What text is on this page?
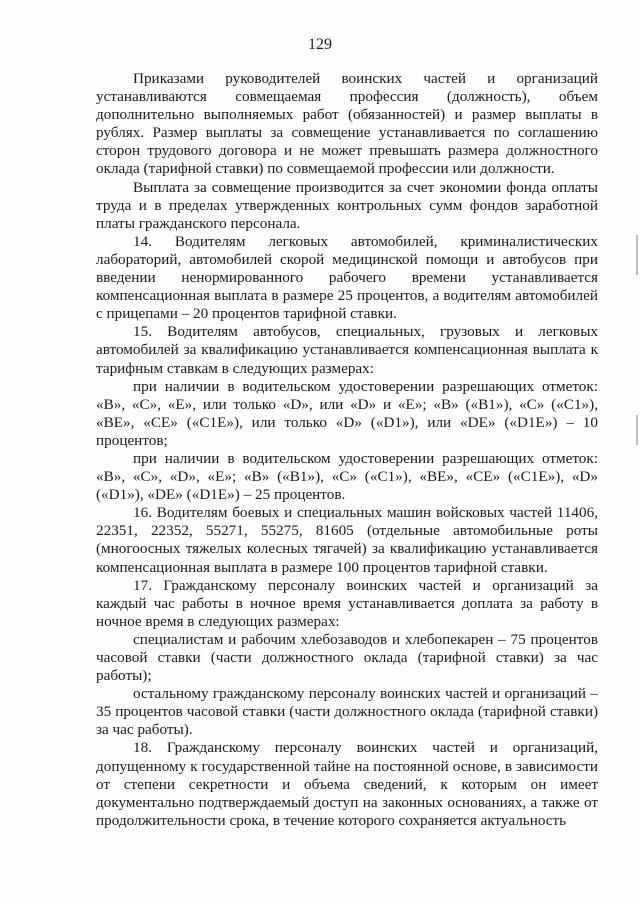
129

Приказами руководителей воинских частей и организаций устанавливаются совмещаемая профессия (должность), объем дополнительно выполняемых работ (обязанностей) и размер выплаты в рублях. Размер выплаты за совмещение устанавливается по соглашению сторон трудового договора и не может превышать размера должностного оклада (тарифной ставки) по совмещаемой профессии или должности.

Выплата за совмещение производится за счет экономии фонда оплаты труда и в пределах утвержденных контрольных сумм фондов заработной платы гражданского персонала.

14. Водителям легковых автомобилей, криминалистических лабораторий, автомобилей скорой медицинской помощи и автобусов при введении ненормированного рабочего времени устанавливается компенсационная выплата в размере 25 процентов, а водителям автомобилей с прицепами – 20 процентов тарифной ставки.

15. Водителям автобусов, специальных, грузовых и легковых автомобилей за квалификацию устанавливается компенсационная выплата к тарифным ставкам в следующих размерах:

при наличии в водительском удостоверении разрешающих отметок: «B», «C», «E», или только «D», или «D» и «E»; «B» («B1»), «C» («C1»), «BE», «CE» («C1E»), или только «D» («D1»), или «DE» («D1E») – 10 процентов;

при наличии в водительском удостоверении разрешающих отметок: «B», «C», «D», «E»; «B» («B1»), «C» («C1»), «BE», «CE» («C1E»), «D» («D1»), «DE» («D1E») – 25 процентов.

16. Водителям боевых и специальных машин войсковых частей 11406, 22351, 22352, 55271, 55275, 81605 (отдельные автомобильные роты (многоосных тяжелых колесных тягачей) за квалификацию устанавливается компенсационная выплата в размере 100 процентов тарифной ставки.

17. Гражданскому персоналу воинских частей и организаций за каждый час работы в ночное время устанавливается доплата за работу в ночное время в следующих размерах:

специалистам и рабочим хлебозаводов и хлебопекарен – 75 процентов часовой ставки (части должностного оклада (тарифной ставки) за час работы);

остальному гражданскому персоналу воинских частей и организаций – 35 процентов часовой ставки (части должностного оклада (тарифной ставки) за час работы).

18. Гражданскому персоналу воинских частей и организаций, допущенному к государственной тайне на постоянной основе, в зависимости от степени секретности и объема сведений, к которым он имеет документально подтверждаемый доступ на законных основаниях, а также от продолжительности срока, в течение которого сохраняется актуальность
